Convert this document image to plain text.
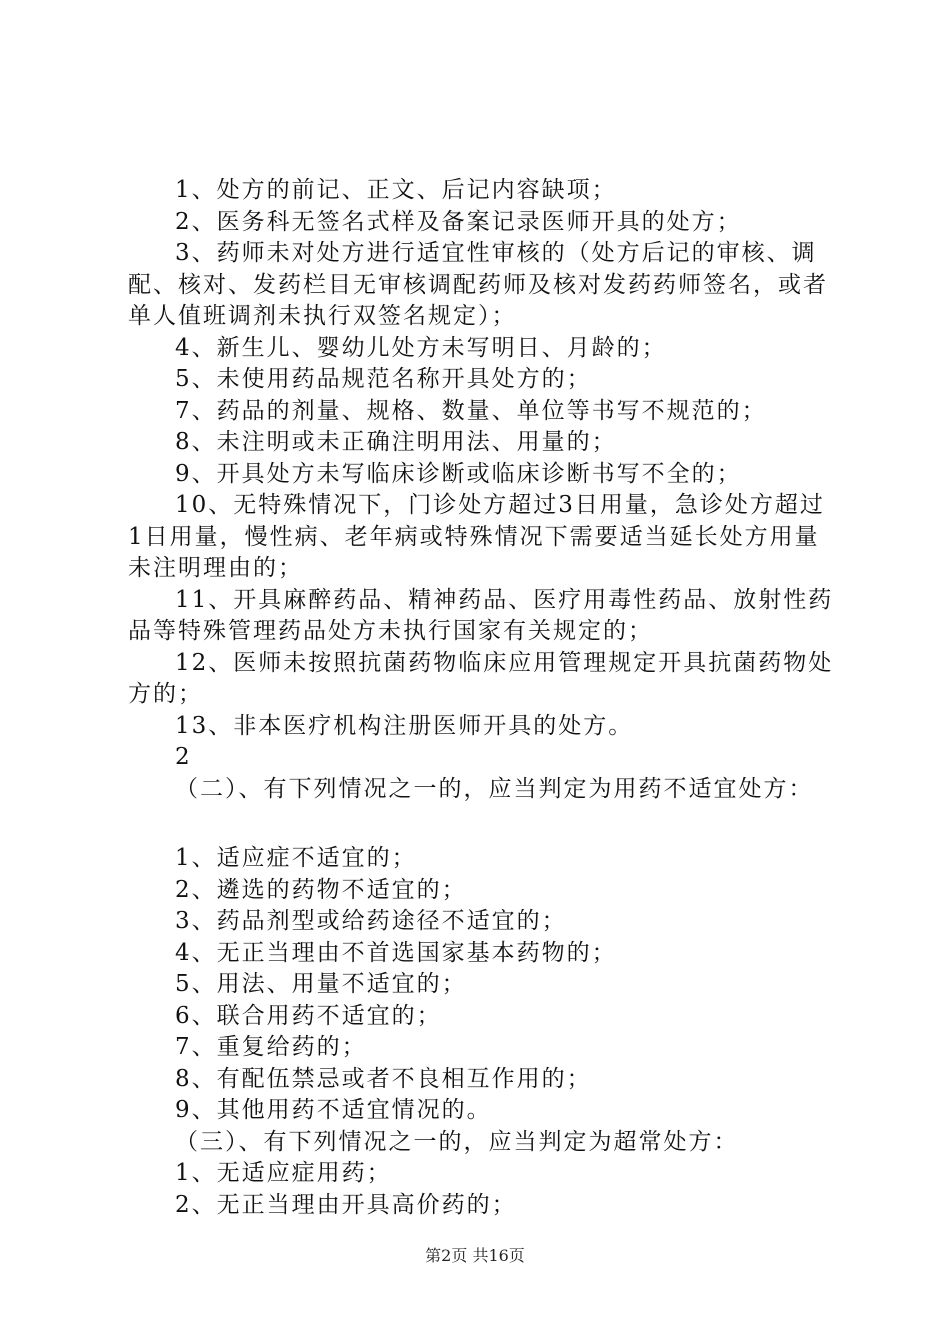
1、处方的前记、正文、后记内容缺项；

2、医务科无签名式样及备案记录医师开具的处方；

3、药师未对处方进行适宜性审核的（处方后记的审核、调配、核对、发药栏目无审核调配药师及核对发药药师签名，或者单人值班调剂未执行双签名规定）；

4、新生儿、婴幼儿处方未写明日、月龄的；

5、未使用药品规范名称开具处方的；

7、药品的剂量、规格、数量、单位等书写不规范的；

8、未注明或未正确注明用法、用量的；

9、开具处方未写临床诊断或临床诊断书写不全的；

10、无特殊情况下，门诊处方超过3日用量，急诊处方超过1日用量，慢性病、老年病或特殊情况下需要适当延长处方用量未注明理由的；

11、开具麻醉药品、精神药品、医疗用毒性药品、放射性药品等特殊管理药品处方未执行国家有关规定的；

12、医师未按照抗菌药物临床应用管理规定开具抗菌药物处方的；

13、非本医疗机构注册医师开具的处方。

2

（二）、有下列情况之一的，应当判定为用药不适宜处方：

1、适应症不适宜的；

2、遴选的药物不适宜的；

3、药品剂型或给药途径不适宜的；

4、无正当理由不首选国家基本药物的；

5、用法、用量不适宜的；

6、联合用药不适宜的；

7、重复给药的；

8、有配伍禁忌或者不良相互作用的；

9、其他用药不适宜情况的。

（三）、有下列情况之一的，应当判定为超常处方：

1、无适应症用药；

2、无正当理由开具高价药的；

第2页 共16页
